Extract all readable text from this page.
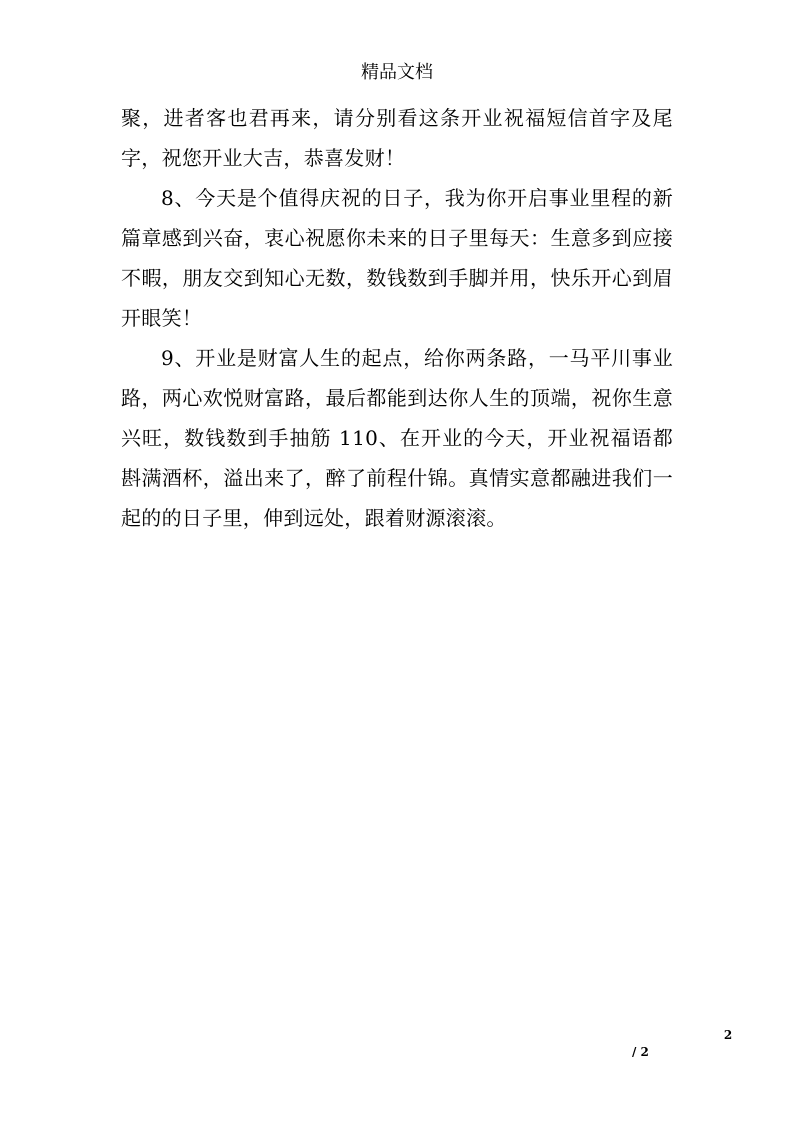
精品文档

聚，进者客也君再来，请分别看这条开业祝福短信首字及尾字，祝您开业大吉，恭喜发财！

8、今天是个值得庆祝的日子，我为你开启事业里程的新篇章感到兴奋，衷心祝愿你未来的日子里每天：生意多到应接不暇，朋友交到知心无数，数钱数到手脚并用，快乐开心到眉开眼笑！

9、开业是财富人生的起点，给你两条路，一马平川事业路，两心欢悦财富路，最后都能到达你人生的顶端，祝你生意兴旺，数钱数到手抽筋 110、在开业的今天，开业祝福语都斟满酒杯，溢出来了，醉了前程什锦。真情实意都融进我们一起的的日子里，伸到远处，跟着财源滚滚。

2
/ 2
